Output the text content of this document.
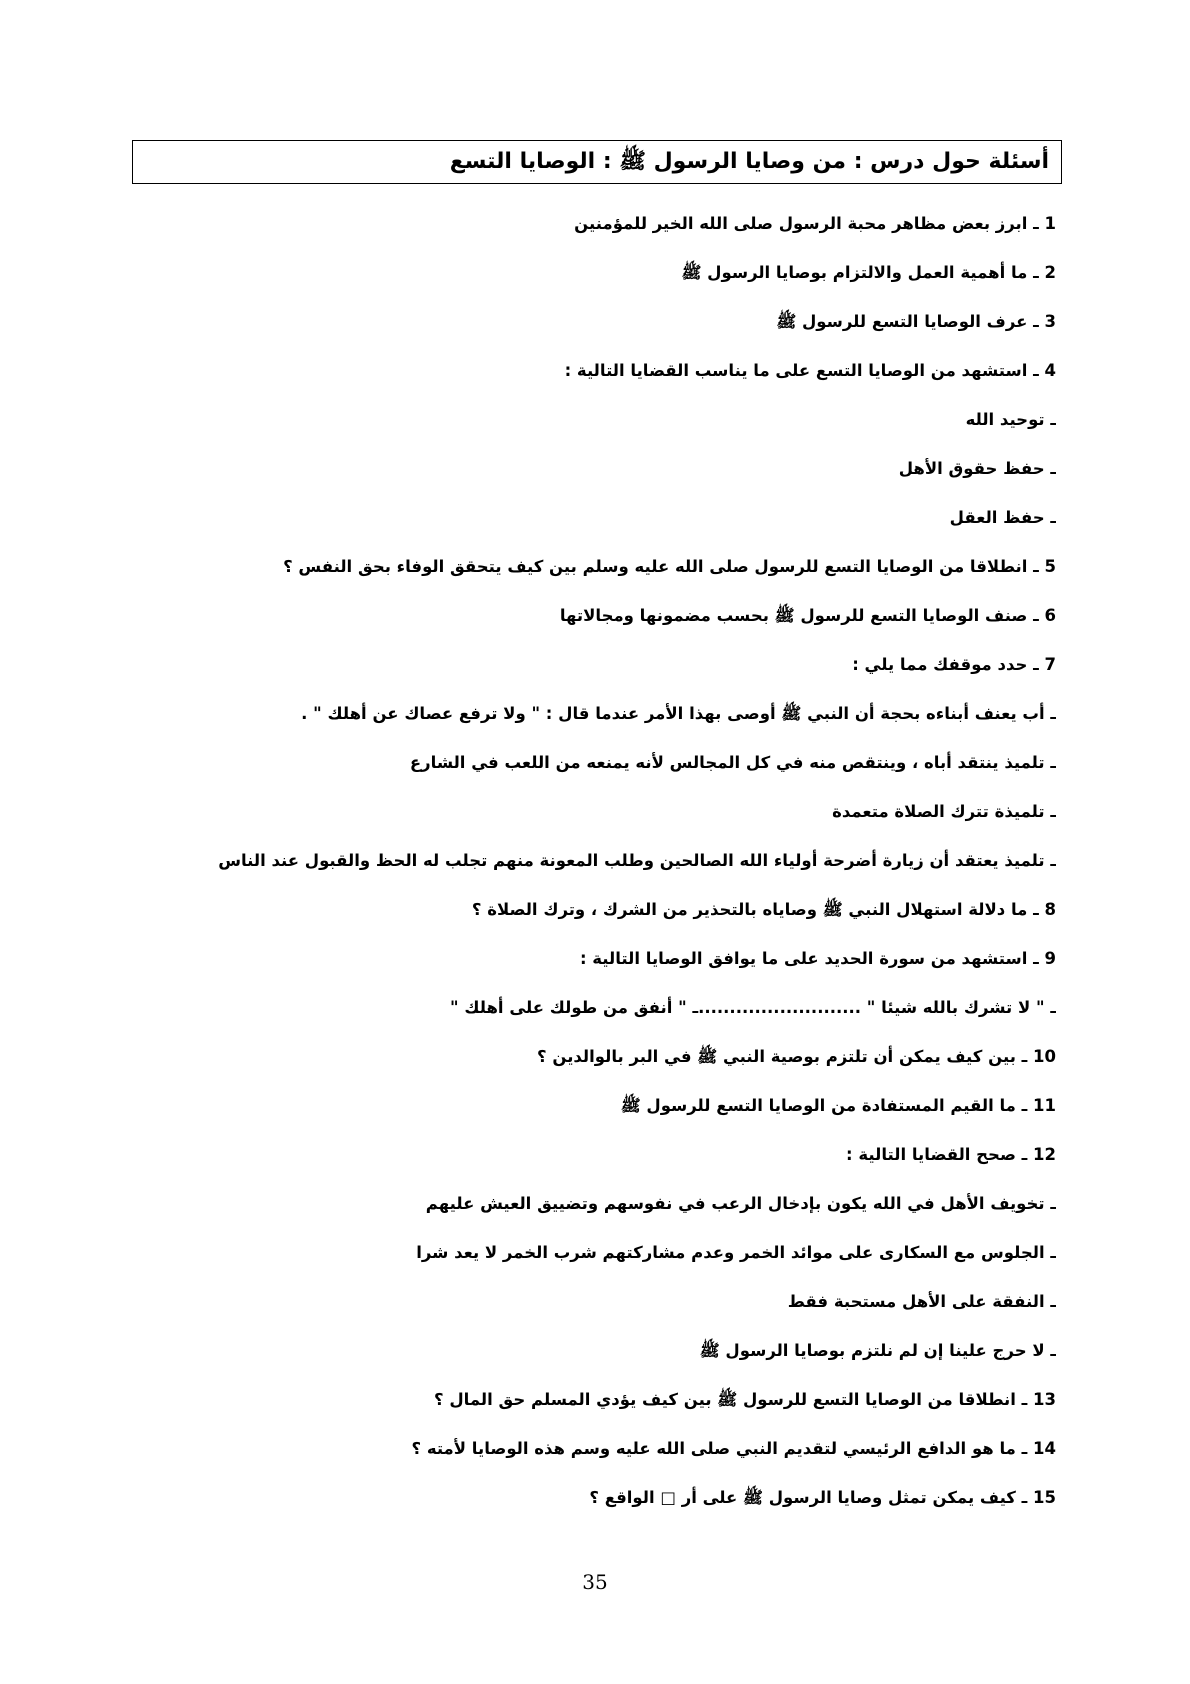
أسئلة حول درس : من وصايا الرسول ﷺ : الوصايا التسع
1 ـ ابرز بعض مظاهر محبة الرسول صلى الله الخير للمؤمنين
2 ـ ما أهمية العمل والالتزام بوصايا الرسول ﷺ
3 ـ عرف الوصايا التسع للرسول ﷺ
4 ـ استشهد من الوصايا التسع على ما يناسب القضايا التالية :
ـ توحيد الله
ـ حفظ حقوق الأهل
ـ حفظ العقل
5 ـ انطلاقا من الوصايا التسع للرسول صلى الله عليه وسلم بين كيف يتحقق الوفاء بحق النفس ؟
6 ـ صنف الوصايا التسع للرسول ﷺ بحسب مضمونها ومجالاتها
7 ـ حدد موقفك مما يلي :
ـ أب يعنف أبناءه بحجة أن النبي ﷺ أوصى بهذا الأمر عندما قال : " ولا ترفع عصاك عن أهلك " .
ـ تلميذ ينتقد أباه ، وينتقص منه في كل المجالس لأنه يمنعه من اللعب في الشارع
ـ تلميذة تترك الصلاة متعمدة
ـ تلميذ يعتقد أن زيارة أضرحة أولياء الله الصالحين وطلب المعونة منهم تجلب له الحظ والقبول عند الناس
8 ـ ما دلالة استهلال النبي ﷺ وصاياه بالتحذير من الشرك ، وترك الصلاة ؟
9 ـ استشهد من سورة الحديد على ما يوافق الوصايا التالية :
ـ " لا تشرك بالله شيئا " ..........................ـ " أنفق من طولك على أهلك "
10 ـ بين كيف يمكن أن تلتزم بوصية النبي ﷺ في البر بالوالدين ؟
11 ـ ما القيم المستفادة من الوصايا التسع للرسول ﷺ
12 ـ صحح القضايا التالية :
ـ تخويف الأهل في الله يكون بإدخال الرعب في نفوسهم وتضييق العيش عليهم
ـ الجلوس مع السكارى على موائد الخمر وعدم مشاركتهم شرب الخمر لا يعد شرا
ـ النفقة على الأهل مستحبة فقط
ـ لا حرج علينا إن لم نلتزم بوصايا الرسول ﷺ
13 ـ انطلاقا من الوصايا التسع للرسول ﷺ بين كيف يؤدي المسلم حق المال ؟
14 ـ ما هو الدافع الرئيسي لتقديم النبي صلى الله عليه وسم هذه الوصايا لأمته ؟
15 ـ كيف يمكن تمثل وصايا الرسول ﷺ على أر □ الواقع ؟
35
